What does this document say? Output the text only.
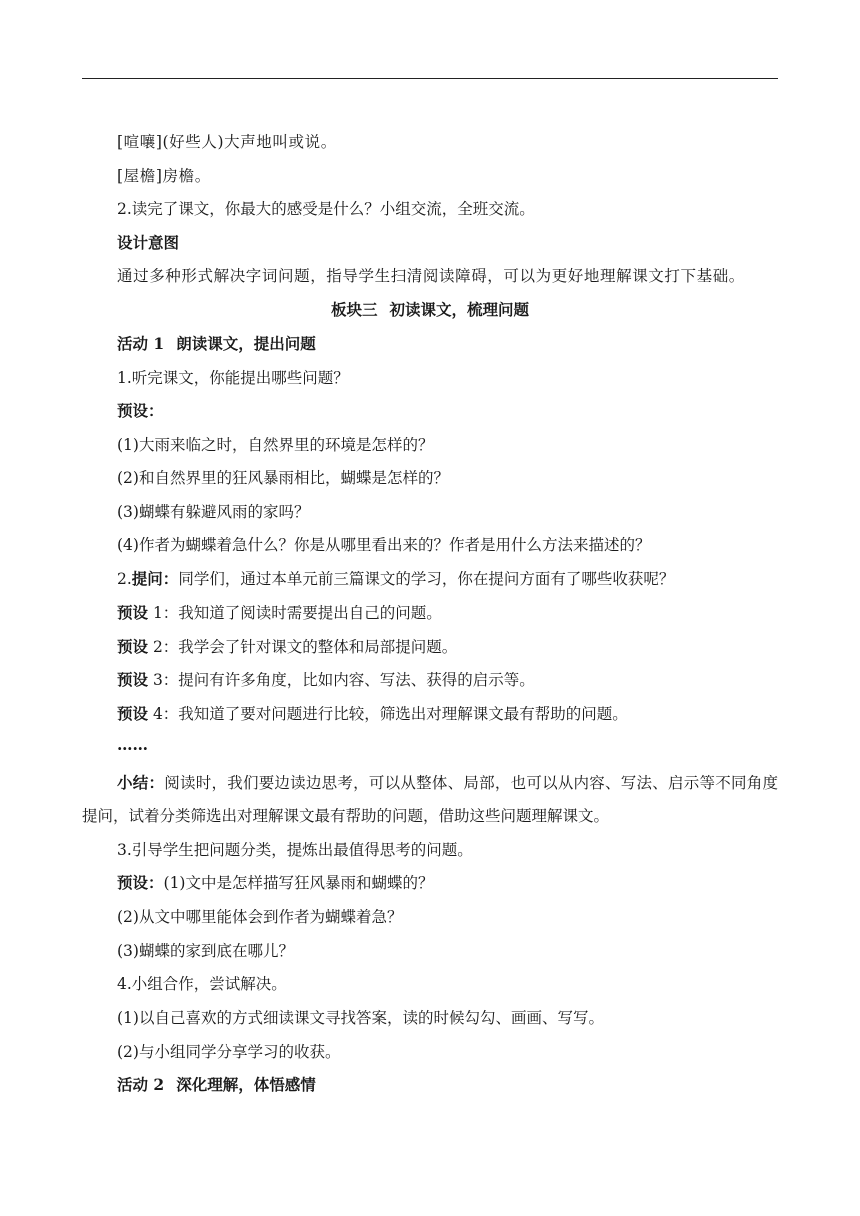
[喧嚷](好些人)大声地叫或说。
[屋檐]房檐。
2.读完了课文，你最大的感受是什么？小组交流，全班交流。
设计意图
通过多种形式解决字词问题，指导学生扫清阅读障碍，可以为更好地理解课文打下基础。
板块三 初读课文，梳理问题
活动 1 朗读课文，提出问题
1.听完课文，你能提出哪些问题？
预设：
(1)大雨来临之时，自然界里的环境是怎样的？
(2)和自然界里的狂风暴雨相比，蝴蝶是怎样的？
(3)蝴蝶有躲避风雨的家吗？
(4)作者为蝴蝶着急什么？你是从哪里看出来的？作者是用什么方法来描述的？
2.提问：同学们，通过本单元前三篇课文的学习，你在提问方面有了哪些收获呢？
预设 1：我知道了阅读时需要提出自己的问题。
预设 2：我学会了针对课文的整体和局部提问题。
预设 3：提问有许多角度，比如内容、写法、获得的启示等。
预设 4：我知道了要对问题进行比较，筛选出对理解课文最有帮助的问题。
……
小结：阅读时，我们要边读边思考，可以从整体、局部，也可以从内容、写法、启示等不同角度提问，试着分类筛选出对理解课文最有帮助的问题，借助这些问题理解课文。
3.引导学生把问题分类，提炼出最值得思考的问题。
预设：(1)文中是怎样描写狂风暴雨和蝴蝶的？
(2)从文中哪里能体会到作者为蝴蝶着急？
(3)蝴蝶的家到底在哪儿？
4.小组合作，尝试解决。
(1)以自己喜欢的方式细读课文寻找答案，读的时候勾勾、画画、写写。
(2)与小组同学分享学习的收获。
活动 2 深化理解，体悟感情
